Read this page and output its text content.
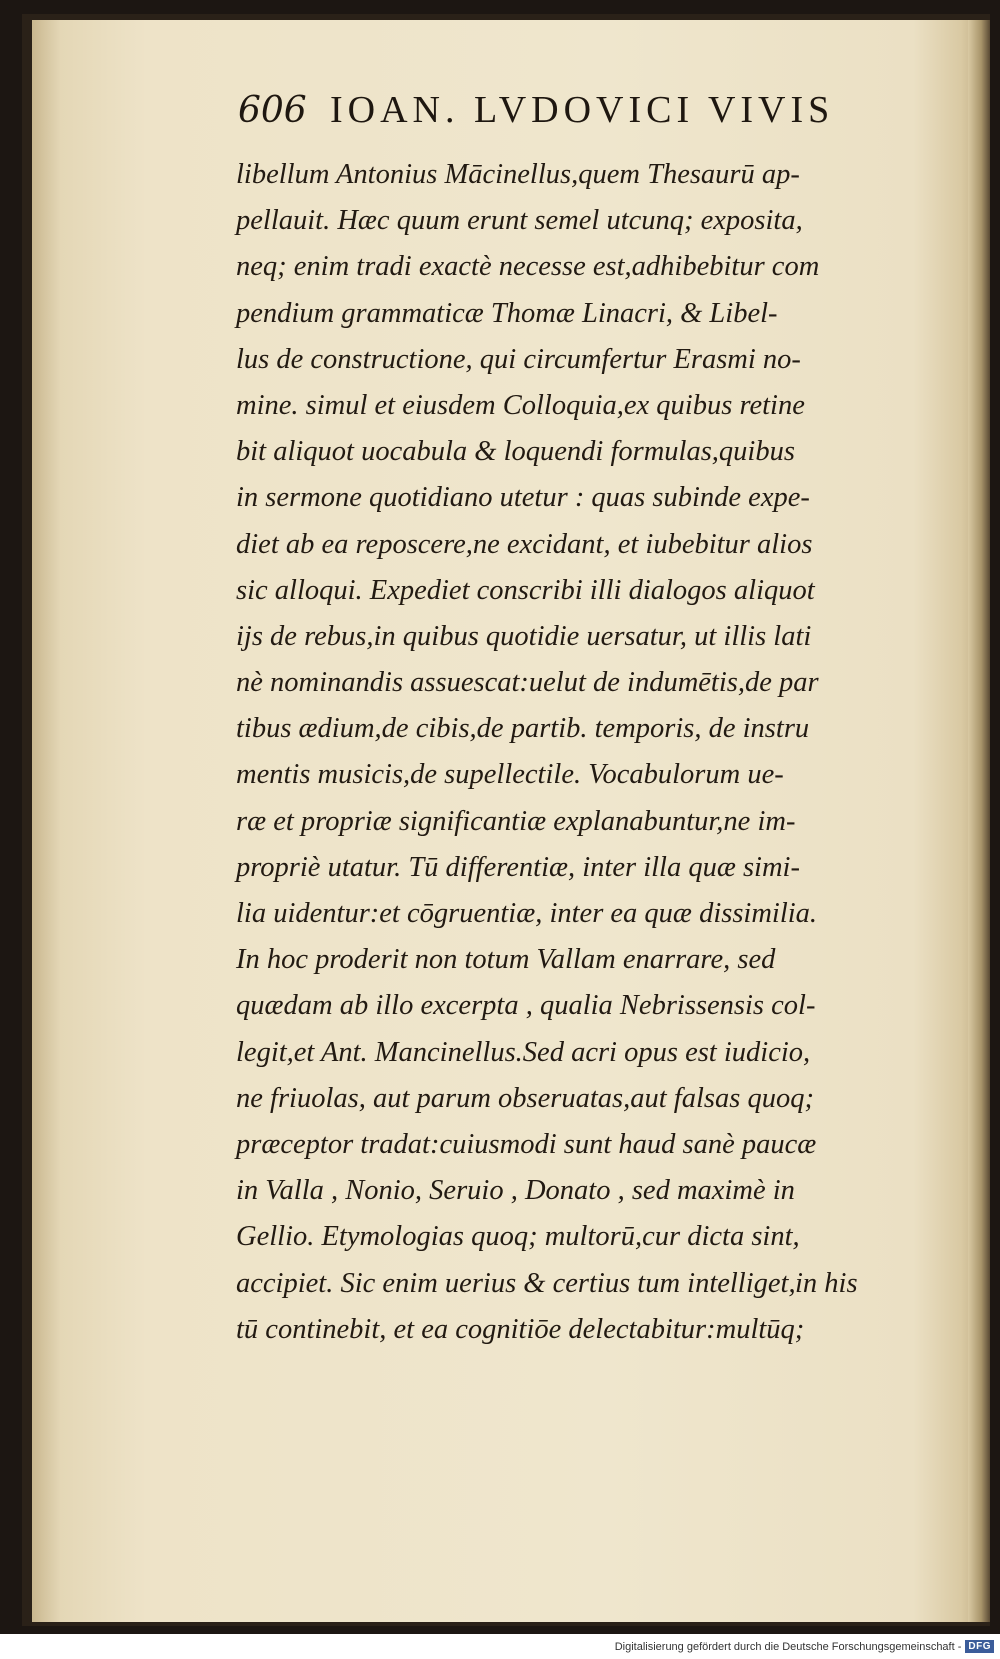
606 IOAN. LVDOVICI VIVIS
libellum Antonius Mācinellus,quem Thesaurū ap-
pellauit. Hæc quum erunt semel utcunq; exposita,
neq; enim tradi exactè necesse est,adhibebitur com
pendium grammaticæ Thomæ Linacri, & Libel-
lus de constructione, qui circumfertur Erasmi no-
mine. simul et eiusdem Colloquia,ex quibus retine
bit aliquot uocabula & loquendi formulas,quibus
in sermone quotidiano utetur : quas subinde expe-
diet ab ea reposcere,ne excidant, et iubebitur alios
sic alloqui. Expediet conscribi illi dialogos aliquot
ijs de rebus,in quibus quotidie uersatur, ut illis lati
nè nominandis assuescat:uelut de indumētis,de par
tibus ædium,de cibis,de partib. temporis, de instru
mentis musicis,de supellectile. Vocabulorum ue-
ræ et propriæ significantiæ explanabuntur,ne im-
propriè utatur. Tū differentiæ, inter illa quæ simi-
lia uidentur:et cōgruentiæ, inter ea quæ dissimilia.
In hoc proderit non totum Vallam enarrare, sed
quædam ab illo excerpta , qualia Nebrissensis col-
legit,et Ant. Mancinellus.Sed acri opus est iudicio,
ne friuolas, aut parum obseruatas,aut falsas quoq;
præceptor tradat:cuiusmodi sunt haud sanè paucæ
in Valla , Nonio, Seruio , Donato , sed maximè in
Gellio. Etymologias quoq; multorū,cur dicta sint,
accipiet. Sic enim uerius & certius tum intelliget,
tū continebit, et ea cognitiōe delectabitur:multūq;
in his
Digitalisierung gefördert durch die Deutsche Forschungsgemeinschaft - DFG
